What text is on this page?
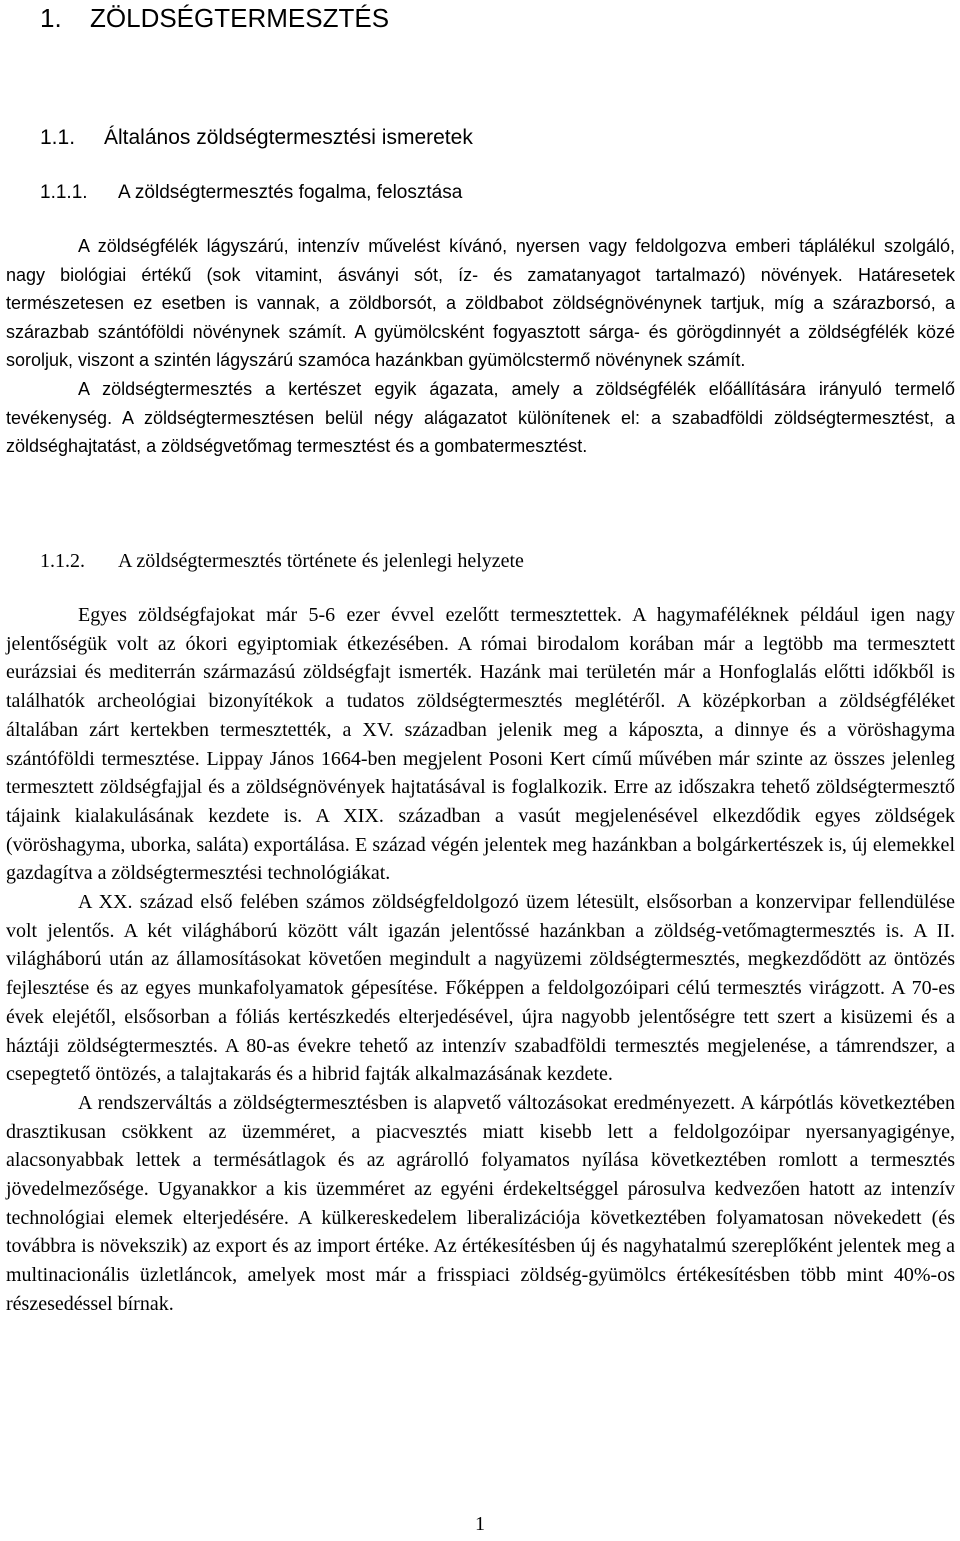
1. ZÖLDSÉGTERMESZTÉS
1.1. Általános zöldségtermesztési ismeretek
1.1.1. A zöldségtermesztés fogalma, felosztása

A zöldségfélék lágyszárú, intenzív művelést kívánó, nyersen vagy feldolgozva emberi táplálékul szolgáló, nagy biológiai értékű (sok vitamint, ásványi sót, íz- és zamatanyagot tartalmazó) növények. Határesetek természetesen ez esetben is vannak, a zöldborsót, a zöldbabot zöldségnövénynek tartjuk, míg a szárazborsó, a szárazbab szántóföldi növénynek számít. A gyümölcsként fogyasztott sárga- és görögdinnyét a zöldségfélék közé soroljuk, viszont a szintén lágyszárú szamóca hazánkban gyümölcstermő növénynek számít.

A zöldségtermesztés a kertészet egyik ágazata, amely a zöldségfélék előállítására irányuló termelő tevékenység. A zöldségtermesztésen belül négy alágazatot különítenek el: a szabadföldi zöldségtermesztést, a zöldséghajtatást, a zöldségvetőmag termesztést és a gombatermesztést.

1.1.2. A zöldségtermesztés története és jelenlegi helyzete

Egyes zöldségfajokat már 5-6 ezer évvel ezelőtt termesztettek. A hagymaféléknek például igen nagy jelentőségük volt az ókori egyiptomiak étkezésében. A római birodalom korában már a legtöbb ma termesztett eurázsiai és mediterrán származású zöldségfajt ismerték. Hazánk mai területén már a Honfoglalás előtti időkből is találhatók archeológiai bizonyítékok a tudatos zöldségtermesztés meglétéről. A középkorban a zöldségféléket általában zárt kertekben termesztették, a XV. században jelenik meg a káposzta, a dinnye és a vöröshagyma szántóföldi termesztése. Lippay János 1664-ben megjelent Posoni Kert című művében már szinte az összes jelenleg termesztett zöldségfajjal és a zöldségnövények hajtatásával is foglalkozik. Erre az időszakra tehető zöldségtermesztő tájaink kialakulásának kezdete is. A XIX. században a vasút megjelenésével elkezdődik egyes zöldségek (vöröshagyma, uborka, saláta) exportálása. E század végén jelentek meg hazánkban a bolgárkertészek is, új elemekkel gazdagítva a zöldségtermesztési technológiákat.

A XX. század első felében számos zöldségfeldolgozó üzem létesült, elsősorban a konzervipar fellendülése volt jelentős. A két világháború között vált igazán jelentőssé hazánkban a zöldség-vetőmagtermesztés is. A II. világháború után az államosításokat követően megindult a nagyüzemi zöldségtermesztés, megkezdődött az öntözés fejlesztése és az egyes munkafolyamatok gépesítése. Főképpen a feldolgozóipari célú termesztés virágzott. A 70-es évek elejétől, elsősorban a fóliás kertészkedés elterjedésével, újra nagyobb jelentőségre tett szert a kisüzemi és a háztáji zöldségtermesztés. A 80-as évekre tehető az intenzív szabadföldi termesztés megjelenése, a támrendszer, a csepegtető öntözés, a talajtakarás és a hibrid fajták alkalmazásának kezdete.

A rendszerváltás a zöldségtermesztésben is alapvető változásokat eredményezett. A kárpótlás következtében drasztikusan csökkent az üzemméret, a piacvesztés miatt kisebb lett a feldolgozóipar nyersanyagigénye, alacsonyabbak lettek a termésátlagok és az agrárolló folyamatos nyílása következtében romlott a termesztés jövedelmezősége. Ugyanakkor a kis üzemméret az egyéni érdekeltséggel párosulva kedvezően hatott az intenzív technológiai elemek elterjedésére. A külkereskedelem liberalizációja következtében folyamatosan növekedett (és továbbra is növekszik) az export és az import értéke. Az értékesítésben új és nagyhatalmú szereplőként jelentek meg a multinacionális üzletláncok, amelyek most már a frisspiaci zöldség-gyümölcs értékesítésben több mint 40%-os részesedéssel bírnak.

1
